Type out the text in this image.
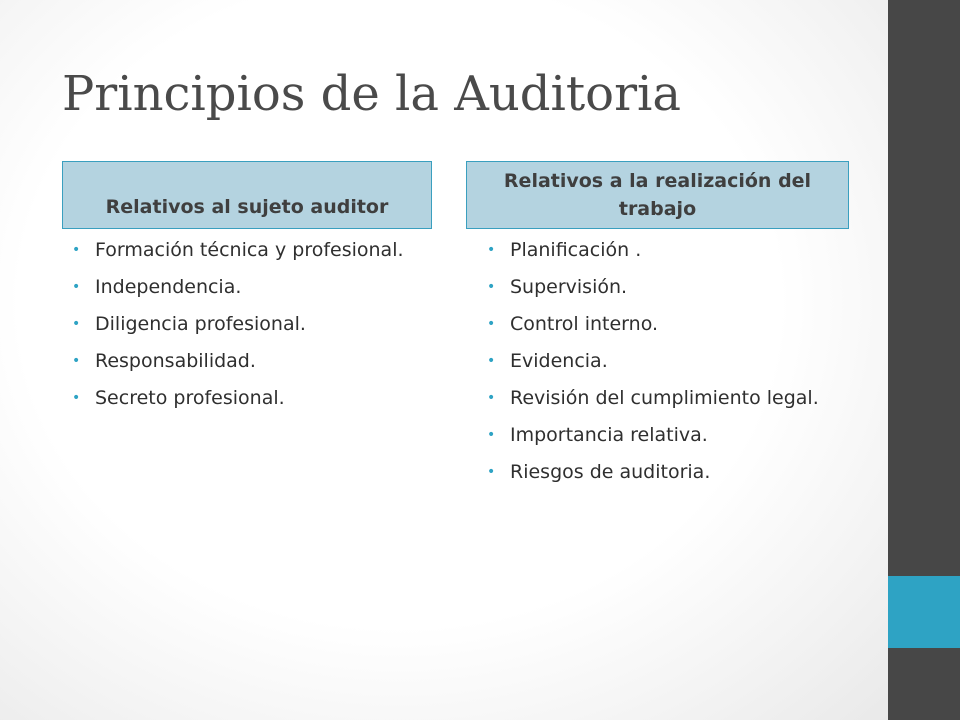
Principios de la Auditoria
Relativos al sujeto auditor
Relativos a la realización del trabajo
• Formación técnica y profesional.
• Independencia.
• Diligencia profesional.
• Responsabilidad.
• Secreto profesional.
• Planificación .
• Supervisión.
• Control interno.
• Evidencia.
• Revisión del cumplimiento legal.
• Importancia relativa.
• Riesgos de auditoria.
